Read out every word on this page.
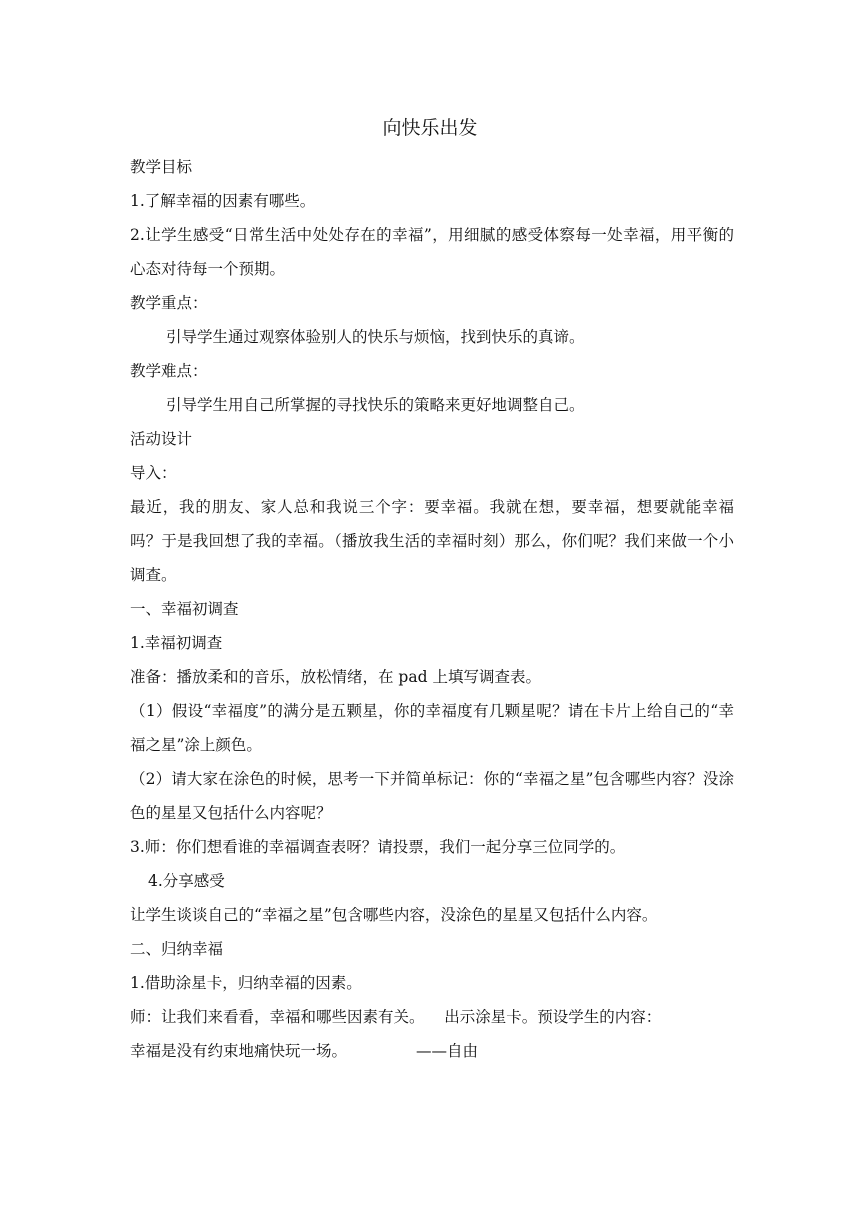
向快乐出发

教学目标

1.了解幸福的因素有哪些。

2.让学生感受“日常生活中处处存在的幸福”，用细腻的感受体察每一处幸福，用平衡的心态对待每一个预期。

教学重点：

引导学生通过观察体验别人的快乐与烦恼，找到快乐的真谛。

教学难点：

引导学生用自己所掌握的寻找快乐的策略来更好地调整自己。

活动设计

导入：

最近，我的朋友、家人总和我说三个字：要幸福。我就在想，要幸福，想要就能幸福吗？于是我回想了我的幸福。（播放我生活的幸福时刻）那么，你们呢？我们来做一个小调查。

一、幸福初调查

1.幸福初调查

准备：播放柔和的音乐，放松情绪，在 pad 上填写调查表。

（1）假设“幸福度”的满分是五颗星，你的幸福度有几颗星呢？请在卡片上给自己的“幸福之星”涂上颜色。

（2）请大家在涂色的时候，思考一下并简单标记：你的“幸福之星”包含哪些内容？没涂色的星星又包括什么内容呢？

3.师：你们想看谁的幸福调查表呀？请投票，我们一起分享三位同学的。

4.分享感受

让学生谈谈自己的“幸福之星”包含哪些内容，没涂色的星星又包括什么内容。

二、归纳幸福

1.借助涂星卡，归纳幸福的因素。

师：让我们来看看，幸福和哪些因素有关。    出示涂星卡。预设学生的内容：

幸福是没有约束地痛快玩一场。              ——自由
